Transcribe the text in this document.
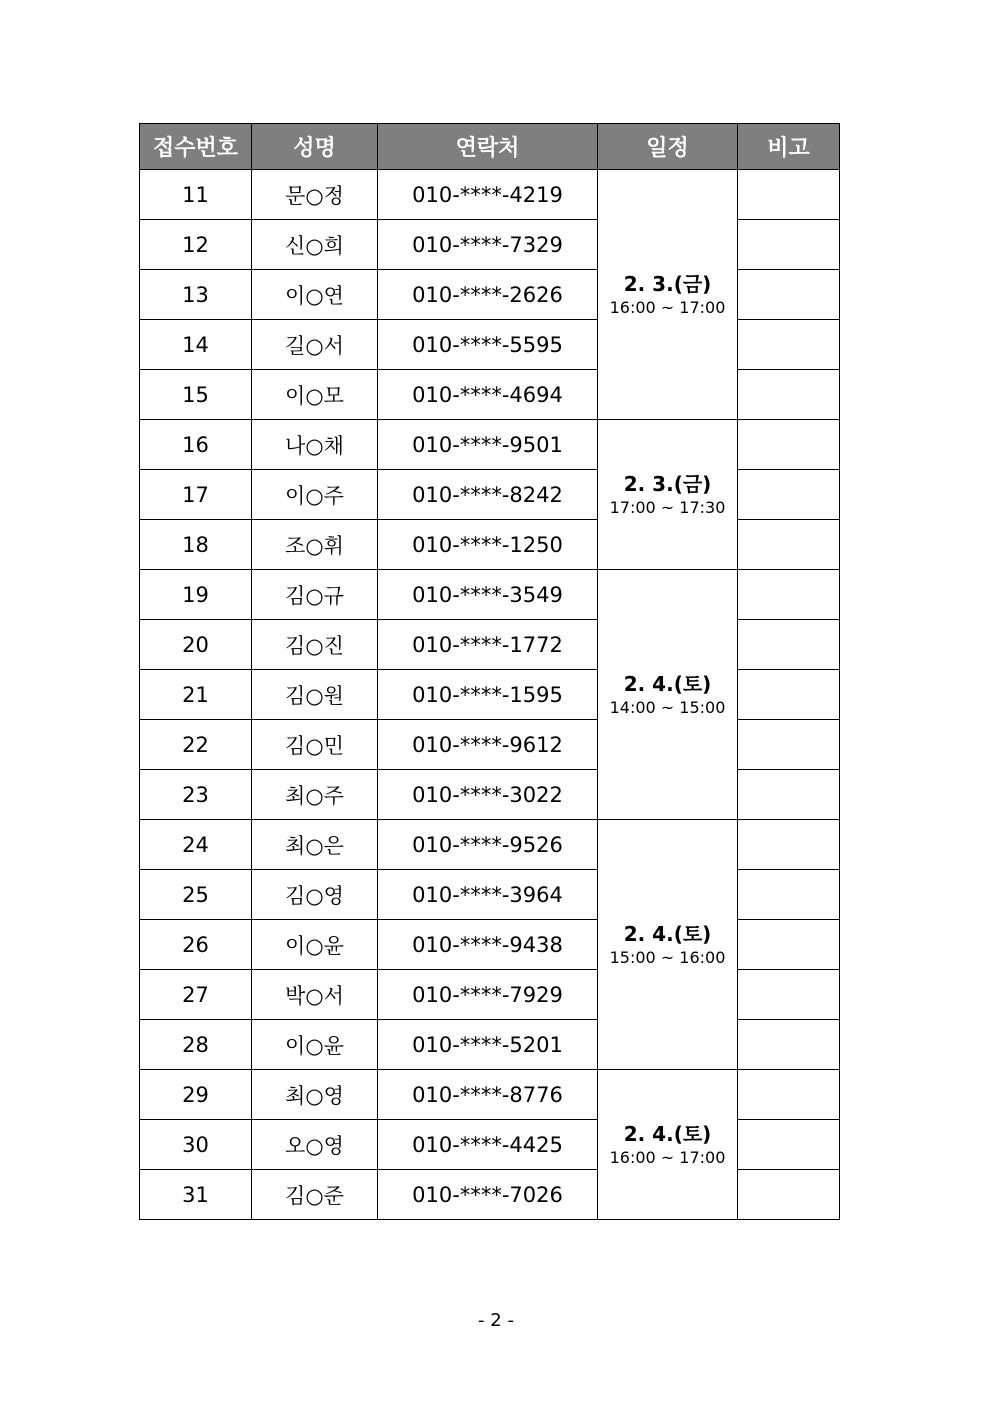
접수번호	성명	연락처	일정	비고
11	문○정	010-****-4219	2. 3.(금)
16:00 ~ 17:00	

12	신○희	010-****-7329		
13	이○연	010-****-2626		
14	길○서	010-****-5595		
15	이○모	010-****-4694		
16	나○채	010-****-9501	2. 3.(금)
17:00 ~ 17:30	

17	이○주	010-****-8242		
18	조○휘	010-****-1250		
19	김○규	010-****-3549	2. 4.(토)
14:00 ~ 15:00	

20	김○진	010-****-1772		
21	김○원	010-****-1595		
22	김○민	010-****-9612		
23	최○주	010-****-3022		
24	최○은	010-****-9526	2. 4.(토)
15:00 ~ 16:00	

25	김○영	010-****-3964		
26	이○윤	010-****-9438		
27	박○서	010-****-7929		
28	이○윤	010-****-5201		
29	최○영	010-****-8776	2. 4.(토)
16:00 ~ 17:00	

30	오○영	010-****-4425		
31	김○준	010-****-7026		
- 2 -
